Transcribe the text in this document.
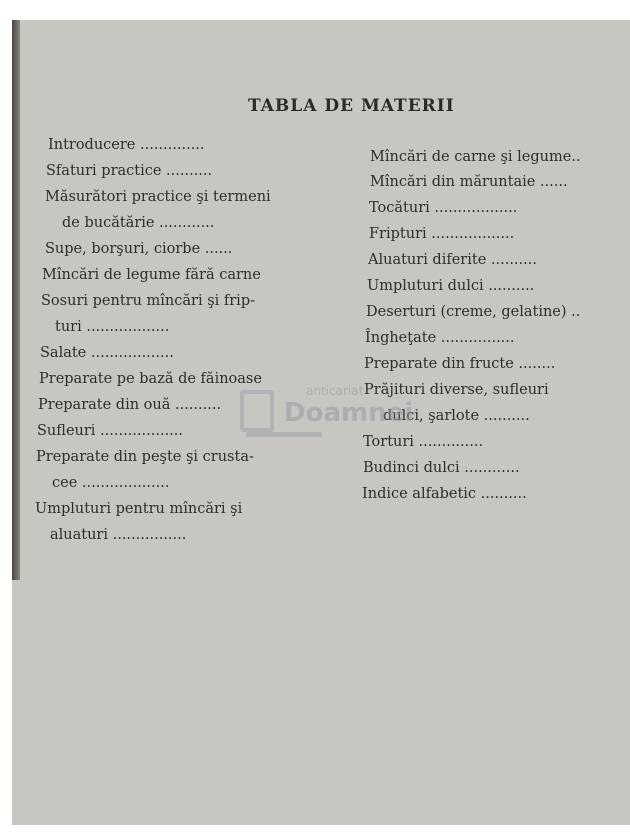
TABLA DE MATERII
Introducere ..............
Sfaturi practice ..........
Măsurători practice şi termeni
de bucătărie ............
Supe, borşuri, ciorbe ......
Mîncări de legume fără carne
Sosuri pentru mîncări şi frip-
turi ..................
Salate ..................
Preparate pe bază de făinoase
Preparate din ouă ..........
Sufleuri ..................
Preparate din peşte şi crusta-
cee ...................
Umpluturi pentru mîncări şi
aluaturi ................
Mîncări de carne şi legume..
Mîncări din măruntaie ......
Tocături ..................
Fripturi ..................
Aluaturi diferite ..........
Umpluturi dulci ..........
Deserturi (creme, gelatine) ..
Îngheţate ................
Preparate din fructe ........
Prăjituri diverse, sufleuri
dulci, şarlote ..........
Torturi ..............
Budinci dulci ............
Indice alfabetic ..........
anticariat
Doamnei
